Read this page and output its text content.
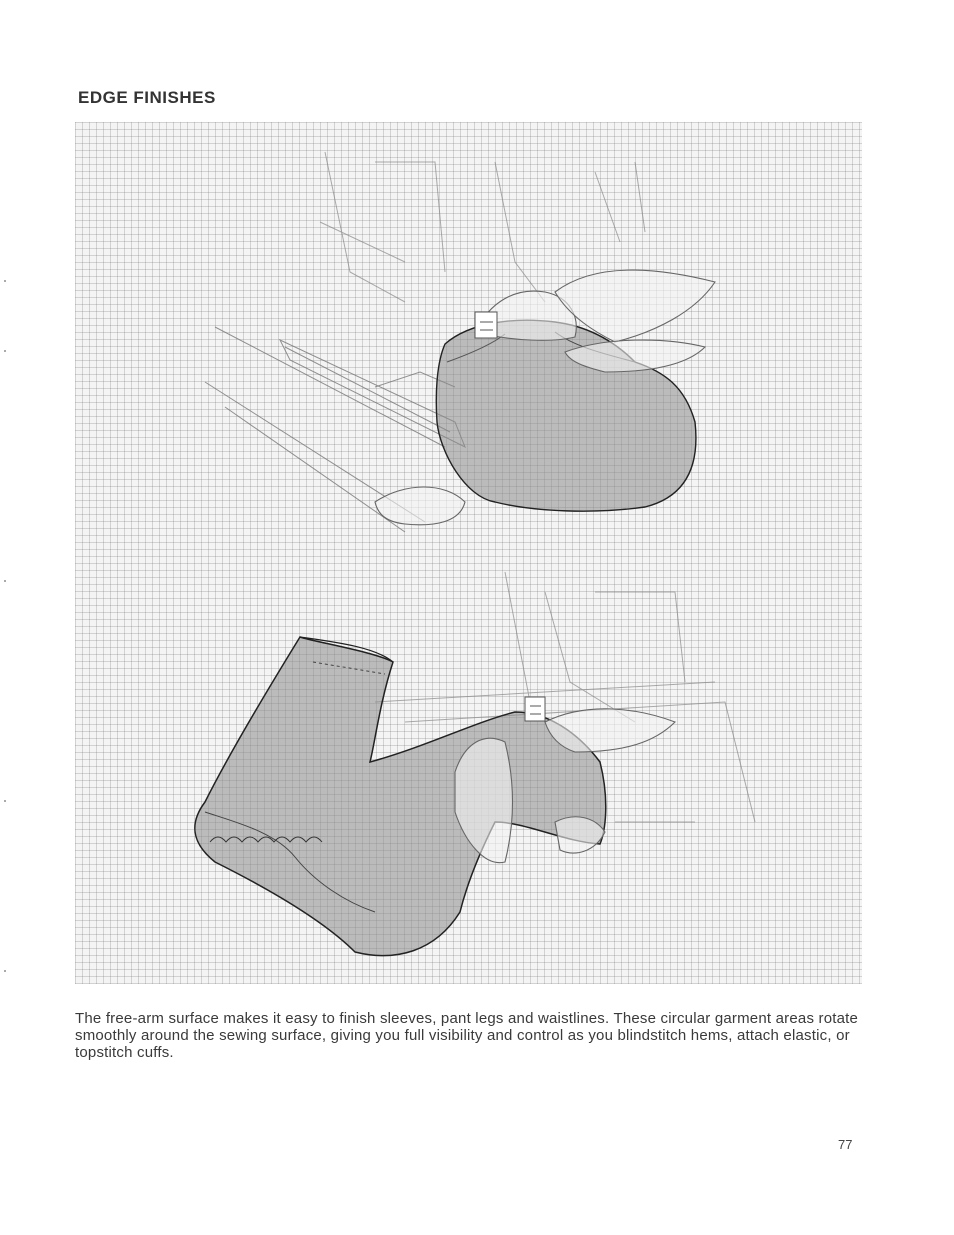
EDGE FINISHES
The free-arm surface makes it easy to finish sleeves, pant legs and waistlines. These circular garment areas rotate smoothly around the sewing surface, giving you full visibility and control as you blindstitch hems, attach elastic, or topstitch cuffs.
77
